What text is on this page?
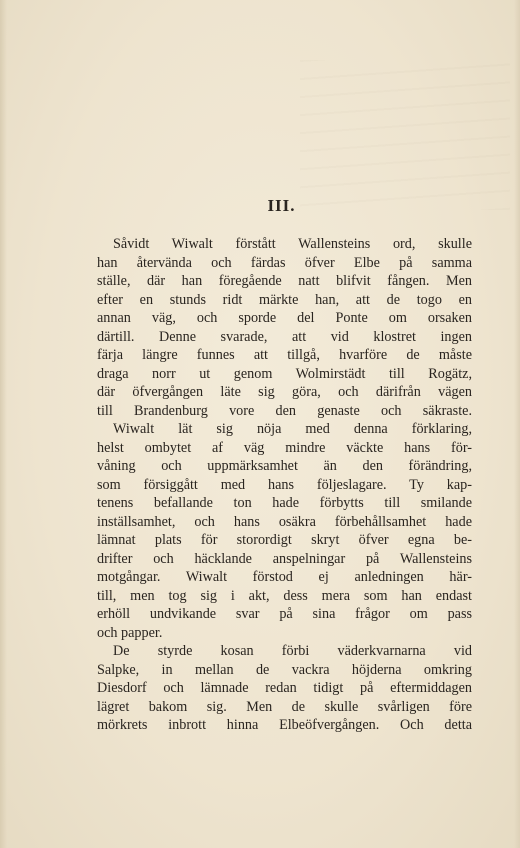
III.
Såvidt Wiwalt förstått Wallensteins ord, skulle
han återvända och färdas öfver Elbe på samma
ställe, där han föregående natt blifvit fången. Men
efter en stunds ridt märkte han, att de togo en
annan väg, och sporde del Ponte om orsaken
därtill. Denne svarade, att vid klostret ingen
färja längre funnes att tillgå, hvarföre de måste
draga norr ut genom Wolmirstädt till Rogätz,
där öfvergången läte sig göra, och därifrån vägen
till Brandenburg vore den genaste och säkraste.
Wiwalt lät sig nöja med denna förklaring,
helst ombytet af väg mindre väckte hans för-
våning och uppmärksamhet än den förändring,
som försiggått med hans följeslagare. Ty kap-
tenens befallande ton hade förbytts till smilande
inställsamhet, och hans osäkra förbehållsamhet hade
lämnat plats för storordigt skryt öfver egna be-
drifter och häcklande anspelningar på Wallensteins
motgångar. Wiwalt förstod ej anledningen här-
till, men tog sig i akt, dess mera som han endast
erhöll undvikande svar på sina frågor om pass
och papper.
De styrde kosan förbi väderkvarnarna vid
Salpke, in mellan de vackra höjderna omkring
Diesdorf och lämnade redan tidigt på eftermiddagen
lägret bakom sig. Men de skulle svårligen före
mörkrets inbrott hinna Elbeöfvergången. Och detta
